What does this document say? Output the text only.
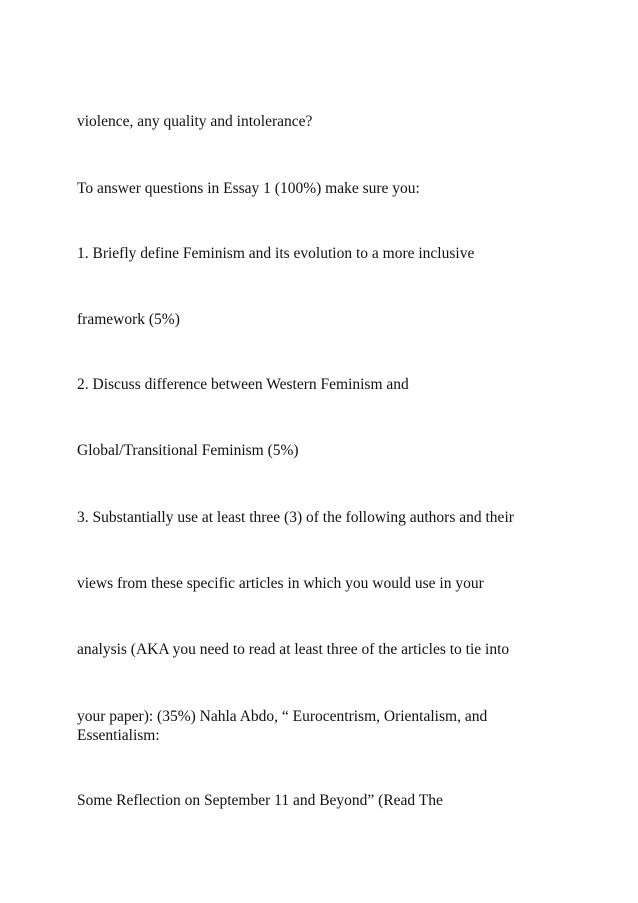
violence, any quality and intolerance?

To answer questions in Essay 1 (100%) make sure you:

1. Briefly define Feminism and its evolution to a more inclusive

framework (5%)

2. Discuss difference between Western Feminism and

Global/Transitional Feminism (5%)

3. Substantially use at least three (3) of the following authors and their

views from these specific articles in which you would use in your

analysis (AKA you need to read at least three of the articles to tie into

your paper): (35%) Nahla Abdo, “ Eurocentrism, Orientalism, and

Essentialism:

Some Reflection on September 11 and Beyond” (Read The
